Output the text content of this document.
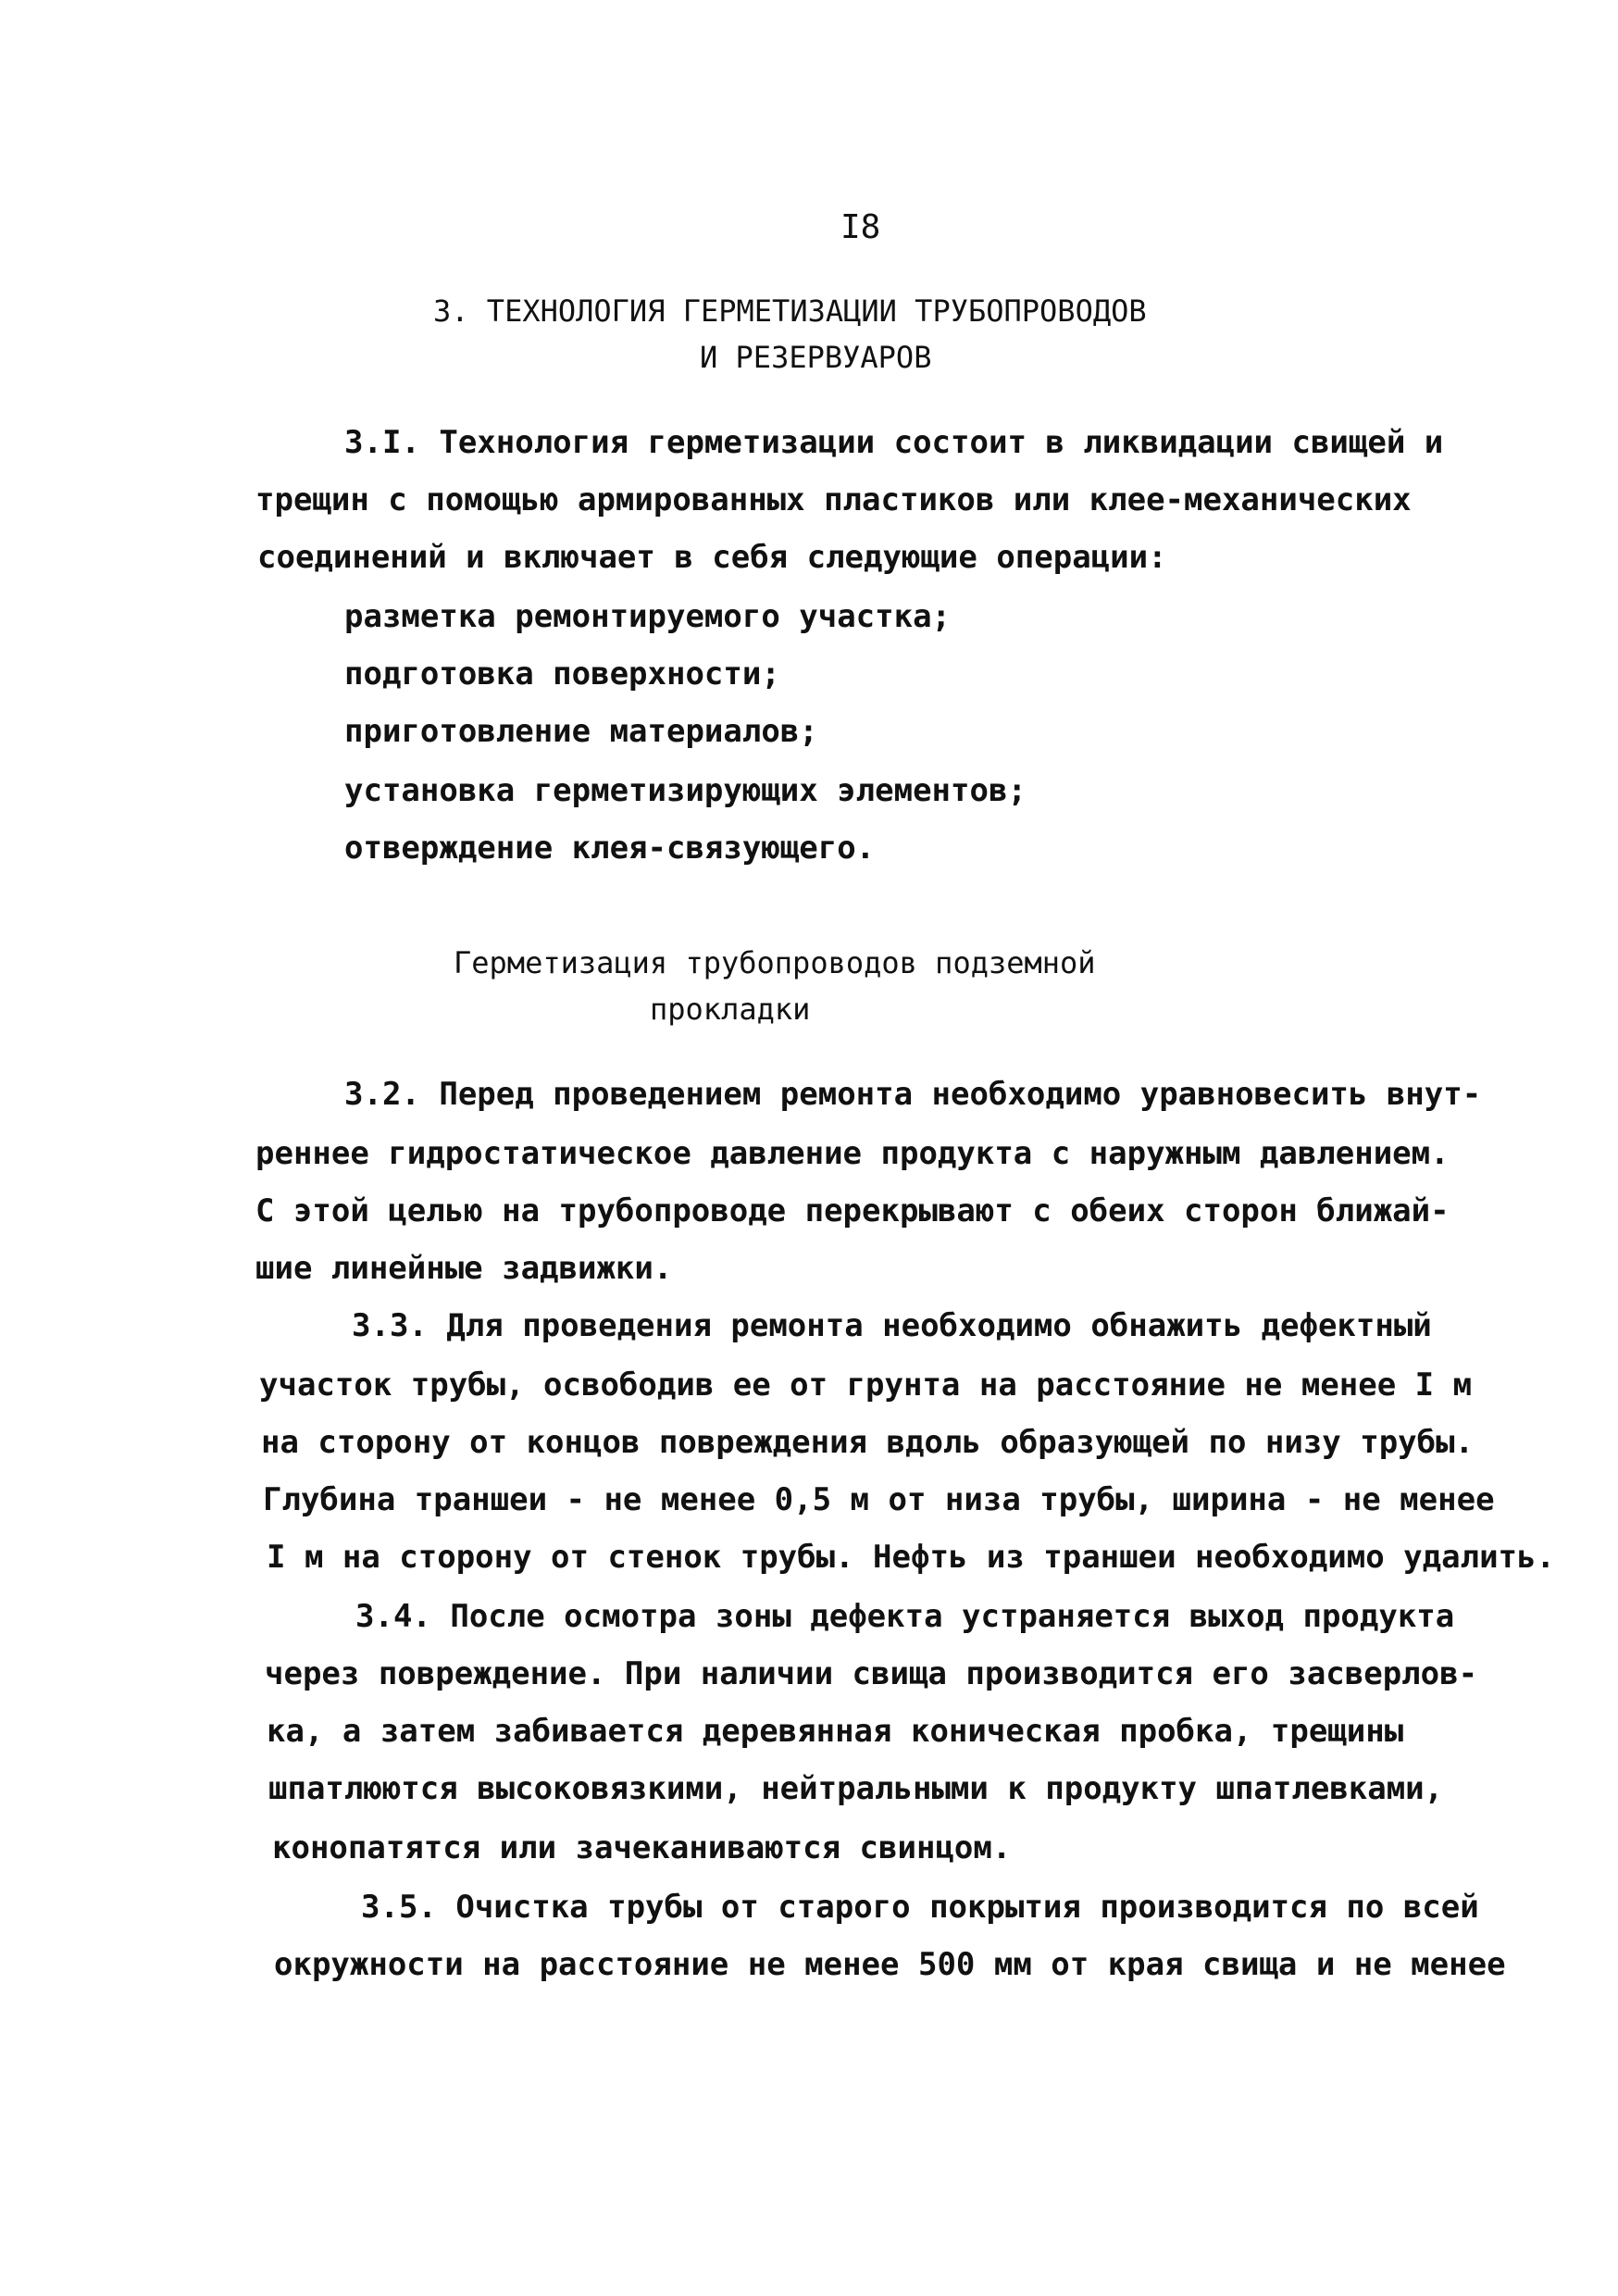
I8
3. ТЕХНОЛОГИЯ ГЕРМЕТИЗАЦИИ ТРУБОПРОВОДОВ
И РЕЗЕРВУАРОВ
3.I. Технология герметизации состоит в ликвидации свищей и
трещин с помощью армированных пластиков или клее-механических
соединений и включает в себя следующие операции:
разметка ремонтируемого участка;
подготовка поверхности;
приготовление материалов;
установка герметизирующих элементов;
отверждение клея-связующего.
Герметизация трубопроводов подземной
прокладки
3.2. Перед проведением ремонта необходимо уравновесить внут-
реннее гидростатическое давление продукта с наружным давлением.
С этой целью на трубопроводе перекрывают с обеих сторон ближай-
шие линейные задвижки.
3.3. Для проведения ремонта необходимо обнажить дефектный
участок трубы, освободив ее от грунта на расстояние не менее I м
на сторону от концов повреждения вдоль образующей по низу трубы.
Глубина траншеи - не менее 0,5 м от низа трубы, ширина - не менее
I м на сторону от стенок трубы. Нефть из траншеи необходимо удалить.
3.4. После осмотра зоны дефекта устраняется выход продукта
через повреждение. При наличии свища производится его засверлов-
ка, а затем забивается деревянная коническая пробка, трещины
шпатлюются высоковязкими, нейтральными к продукту шпатлевками,
конопатятся или зачеканиваются свинцом.
3.5. Очистка трубы от старого покрытия производится по всей
окружности на расстояние не менее 500 мм от края свища и не менее
